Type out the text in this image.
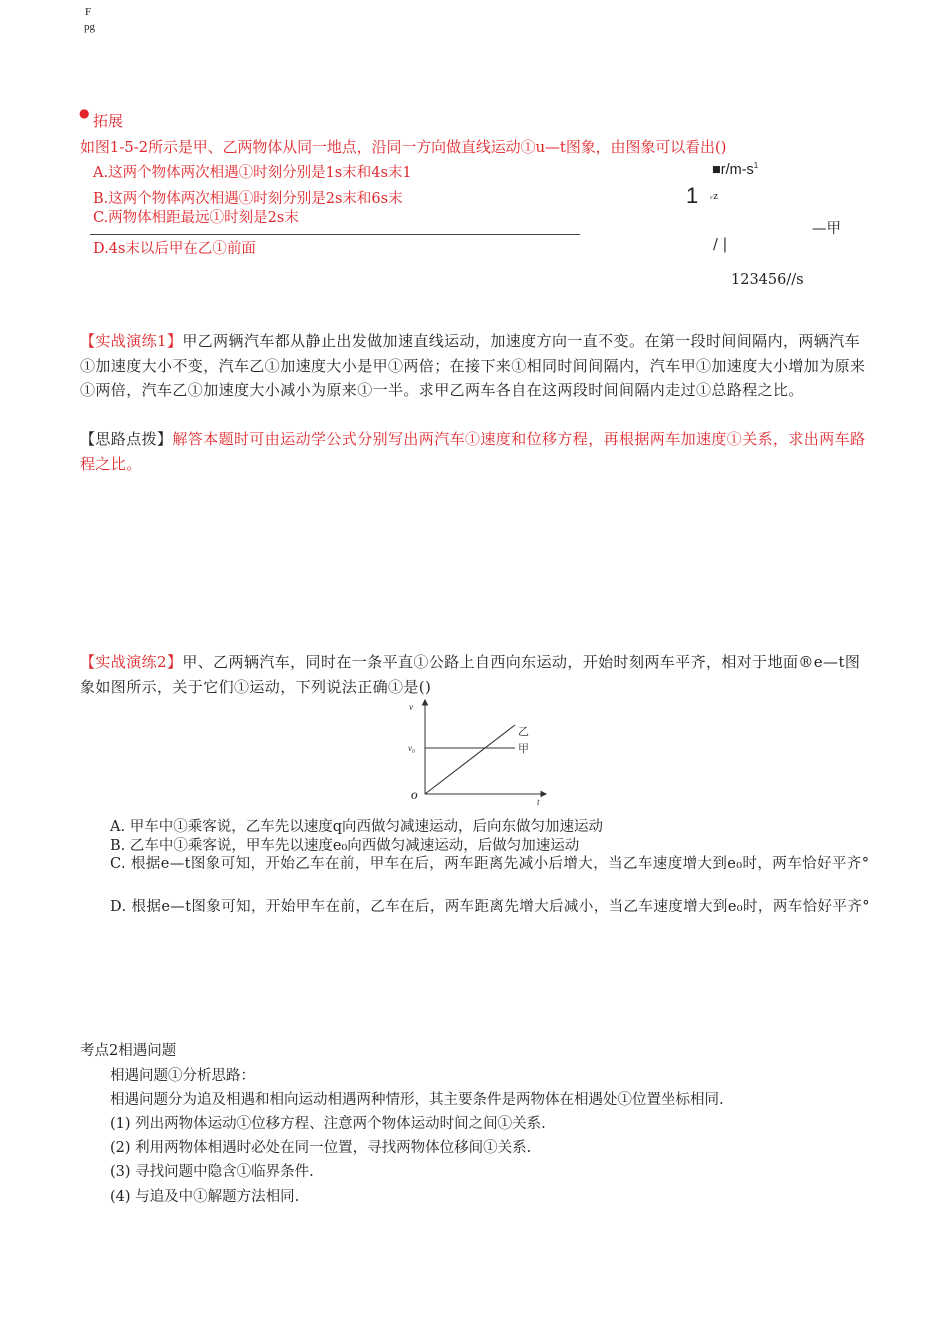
F
pg
● 拓展
如图1-5-2所示是甲、乙两物体从同一地点，沿同一方向做直线运动①u—t图象，由图象可以看出()
A.这两个物体两次相遇①时刻分别是1s末和4s末1
B.这两个物体两次相遇①时刻分别是2s末和6s末
C.两物体相距最远①时刻是2s末
D.4s末以后甲在乙①前面
$■r/m-s^1$
1 ᵣz
—甲
/ |
123456//s
【实战演练1】甲乙两辆汽车都从静止出发做加速直线运动，加速度方向一直不变。在第一段时间间隔内，两辆汽车①加速度大小不变，汽车乙①加速度大小是甲①两倍；在接下来①相同时间间隔内，汽车甲①加速度大小增加为原来①两倍，汽车乙①加速度大小减小为原来①一半。求甲乙两车各自在这两段时间间隔内走过①总路程之比。
【思路点拨】解答本题时可由运动学公式分别写出两汽车①速度和位移方程，再根据两车加速度①关系，求出两车路程之比。
【实战演练2】甲、乙两辆汽车，同时在一条平直①公路上自西向东运动，开始时刻两车平齐，相对于地面®e—t图象如图所示，关于它们①运动，下列说法正确①是()
乙
甲
v
t
O
v₀
A. 甲车中①乘客说，乙车先以速度q向西做匀减速运动，后向东做匀加速运动
B. 乙车中①乘客说，甲车先以速度e₀向西做匀减速运动，后做匀加速运动
C. 根据e—t图象可知，开始乙车在前，甲车在后，两车距离先减小后增大，当乙车速度增大到e₀时，两车恰好平齐°
D. 根据e—t图象可知，开始甲车在前，乙车在后，两车距离先增大后减小，当乙车速度增大到e₀时，两车恰好平齐°
考点2相遇问题
相遇问题①分析思路：
相遇问题分为追及相遇和相向运动相遇两种情形，其主要条件是两物体在相遇处①位置坐标相同.
(1) 列出两物体运动①位移方程、注意两个物体运动时间之间①关系.
(2) 利用两物体相遇时必处在同一位置，寻找两物体位移间①关系.
(3) 寻找问题中隐含①临界条件.
(4) 与追及中①解题方法相同.
